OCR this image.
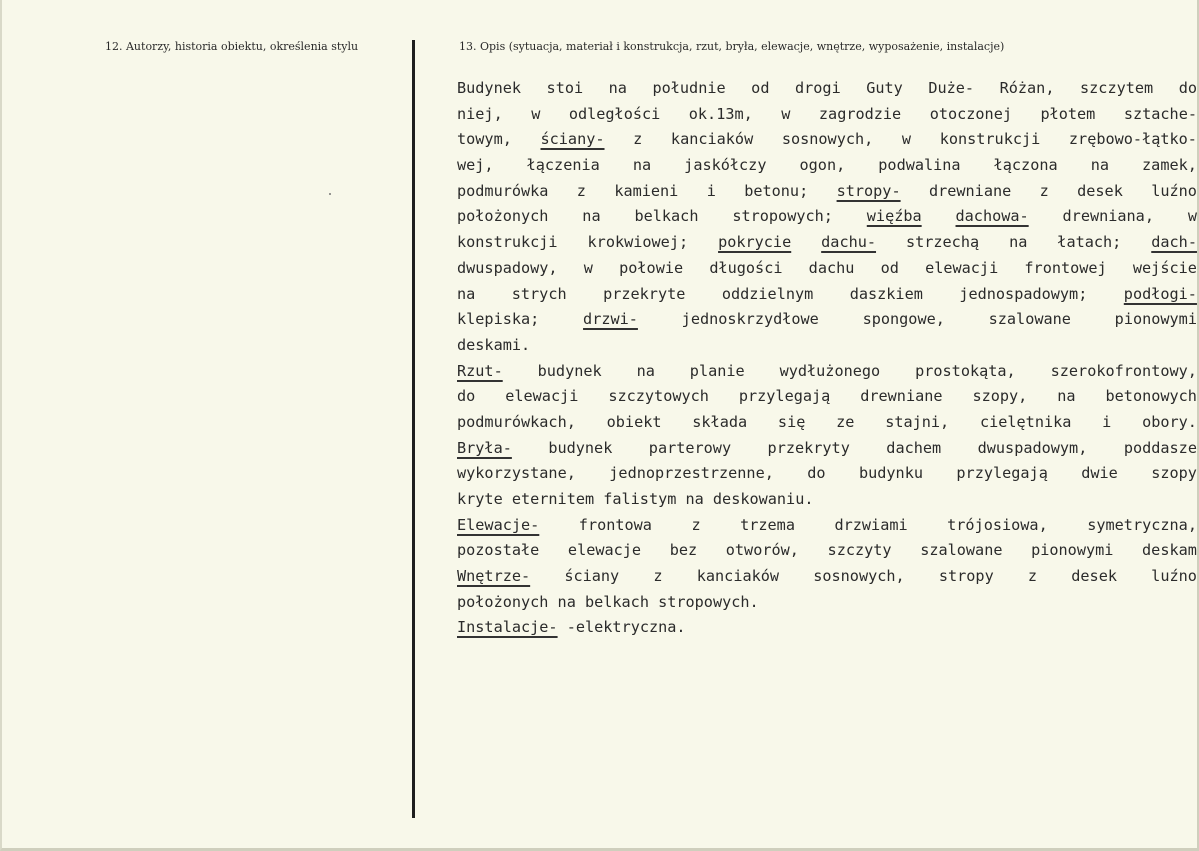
12. Autorzy, historia obiektu, określenia stylu	13. Opis (sytuacja, materiał i konstrukcja, rzut, bryła, elewacje, wnętrze, wyposażenie, instalacje)
Budynek stoi na południe od drogi Guty Duże- Różan, szczytem do
niej, w odległości ok.13m, w zagrodzie otoczonej płotem sztache-
towym, ściany- z kanciaków sosnowych, w konstrukcji zrębowo-łątko-
wej, łączenia na jaskółczy ogon, podwalina łączona na zamek,
podmurówka z kamieni i betonu; stropy- drewniane z desek luźno
położonych na belkach stropowych; więźba dachowa- drewniana, w
konstrukcji krokwiowej; pokrycie dachu- strzechą na łatach; dach-
dwuspadowy, w połowie długości dachu od elewacji frontowej wejście
na strych przekryte oddzielnym daszkiem jednospadowym; podłogi-
klepiska;	drzwi-	jednoskrzydłowe	spongowe,	szalowane	pionowymi
deskami.
Rzut- budynek na planie wydłużonego prostokąta, szerokofrontowy,
do elewacji szczytowych przylegają drewniane szopy, na betonowych
podmurówkach, obiekt składa się ze stajni, cielętnika i obory.
Bryła- budynek parterowy przekryty dachem dwuspadowym, poddasze
wykorzystane, jednoprzestrzenne, do budynku przylegają dwie szopy
kryte eternitem falistym na deskowaniu.
Elewacje-	frontowa	z	trzema	drzwiami	trójosiowa,	symetryczna,
pozostałe elewacje bez otworów, szczyty szalowane pionowymi deskam
Wnętrze- ściany z kanciaków sosnowych, stropy z desek luźno
położonych na belkach stropowych.
Instalacje- -elektryczna.
